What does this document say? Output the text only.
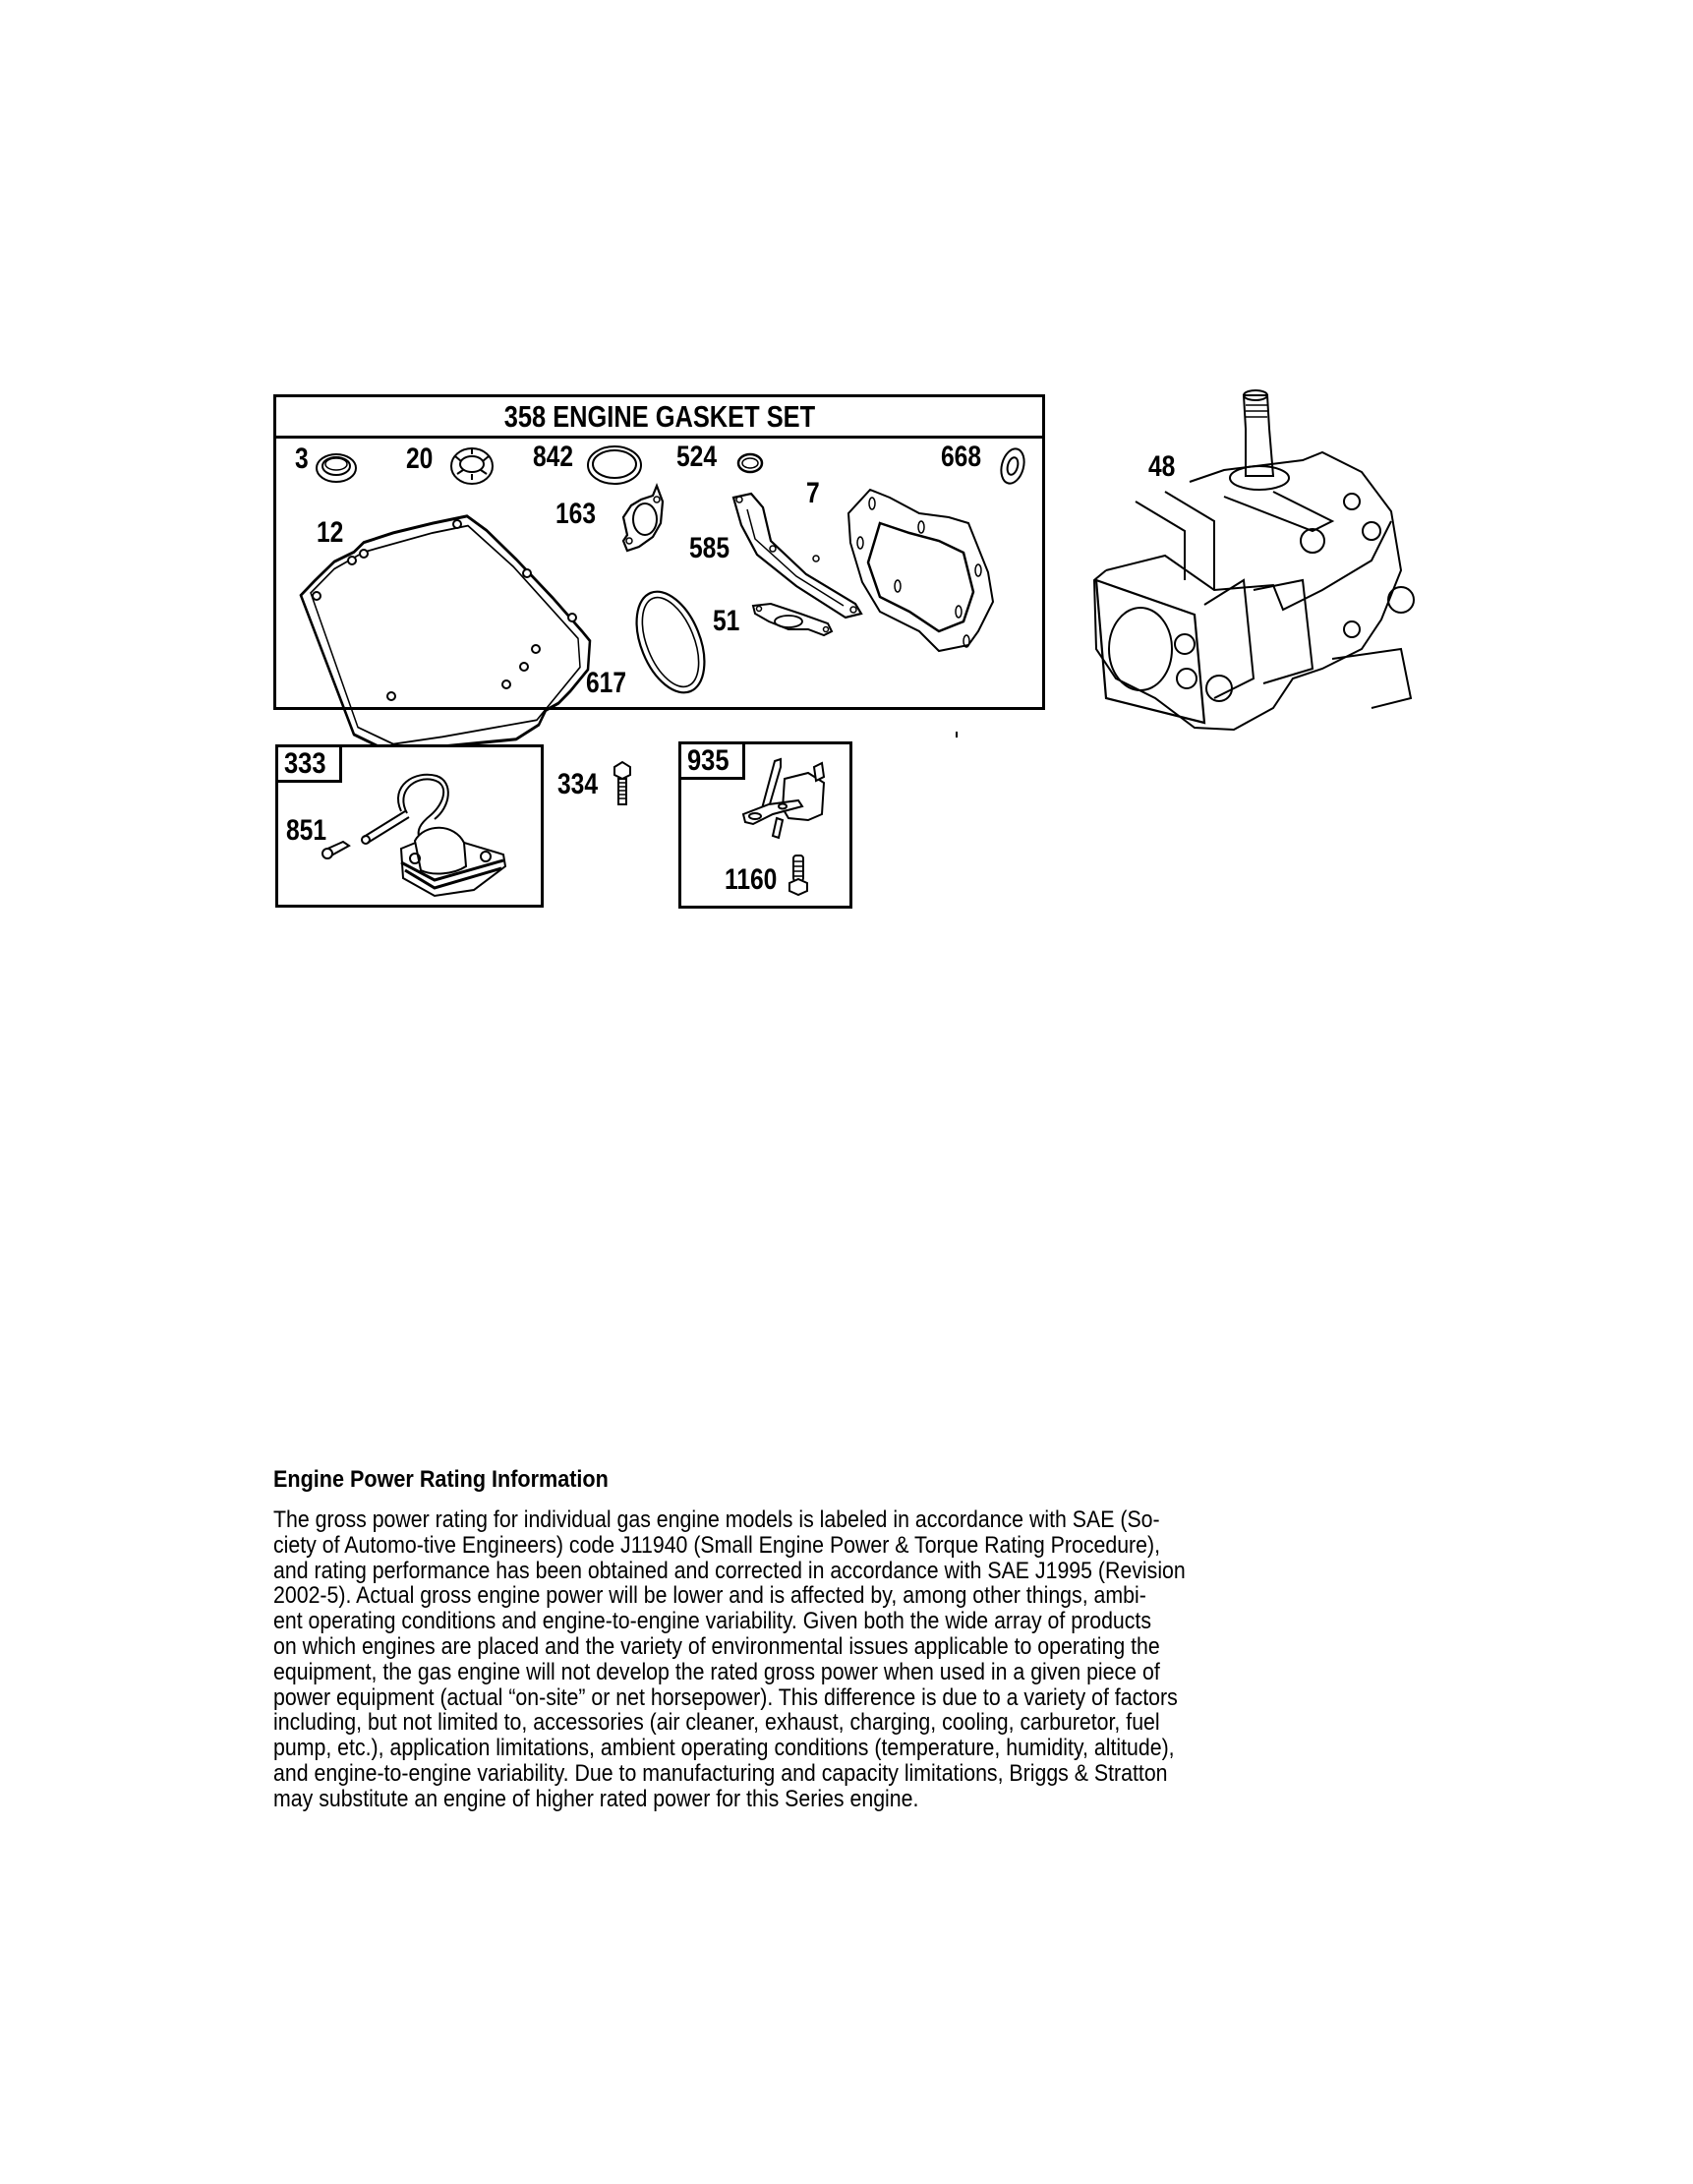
358 ENGINE GASKET SET
3	20	842	524	668
12
163
7
585
51
617
48
333
851
334
935
1160
Engine Power Rating Information
The gross power rating for individual gas engine models is labeled in accordance with SAE (So-
ciety of Automo-tive Engineers) code J11940 (Small Engine Power & Torque Rating Procedure),
and rating performance has been obtained and corrected in accordance with SAE J1995 (Revision
2002-5). Actual gross engine power will be lower and is affected by, among other things, ambi-
ent operating conditions and engine-to-engine variability. Given both the wide array of products
on which engines are placed and the variety of environmental issues applicable to operating the
equipment, the gas engine will not develop the rated gross power when used in a given piece of
power equipment (actual “on-site” or net horsepower). This difference is due to a variety of factors
including, but not limited to, accessories (air cleaner, exhaust, charging, cooling, carburetor, fuel
pump, etc.), application limitations, ambient operating conditions (temperature, humidity, altitude),
and engine-to-engine variability. Due to manufacturing and capacity limitations, Briggs & Stratton
may substitute an engine of higher rated power for this Series engine.
